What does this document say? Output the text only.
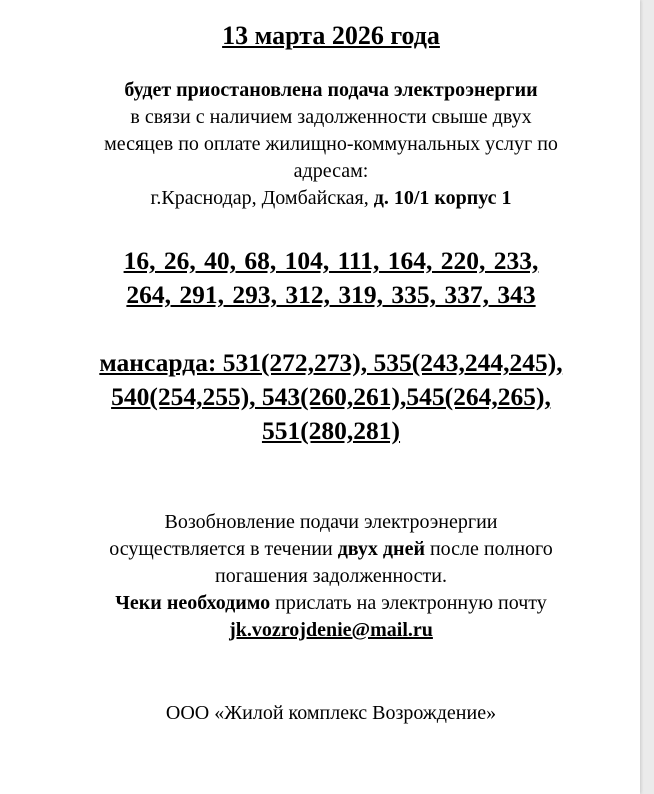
13 марта 2026 года
будет приостановлена подача электроэнергии
в связи с наличием задолженности свыше двух
месяцев по оплате жилищно-коммунальных услуг по
адресам:
г.Краснодар, Домбайская, д. 10/1 корпус 1
16, 26, 40, 68, 104, 111, 164, 220, 233,
264, 291, 293, 312, 319, 335, 337, 343
мансарда: 531(272,273), 535(243,244,245),
540(254,255), 543(260,261),545(264,265),
551(280,281)
Возобновление подачи электроэнергии
осуществляется в течении двух дней после полного
погашения задолженности.
Чеки необходимо прислать на электронную почту
jk.vozrojdenie@mail.ru
ООО «Жилой комплекс Возрождение»
